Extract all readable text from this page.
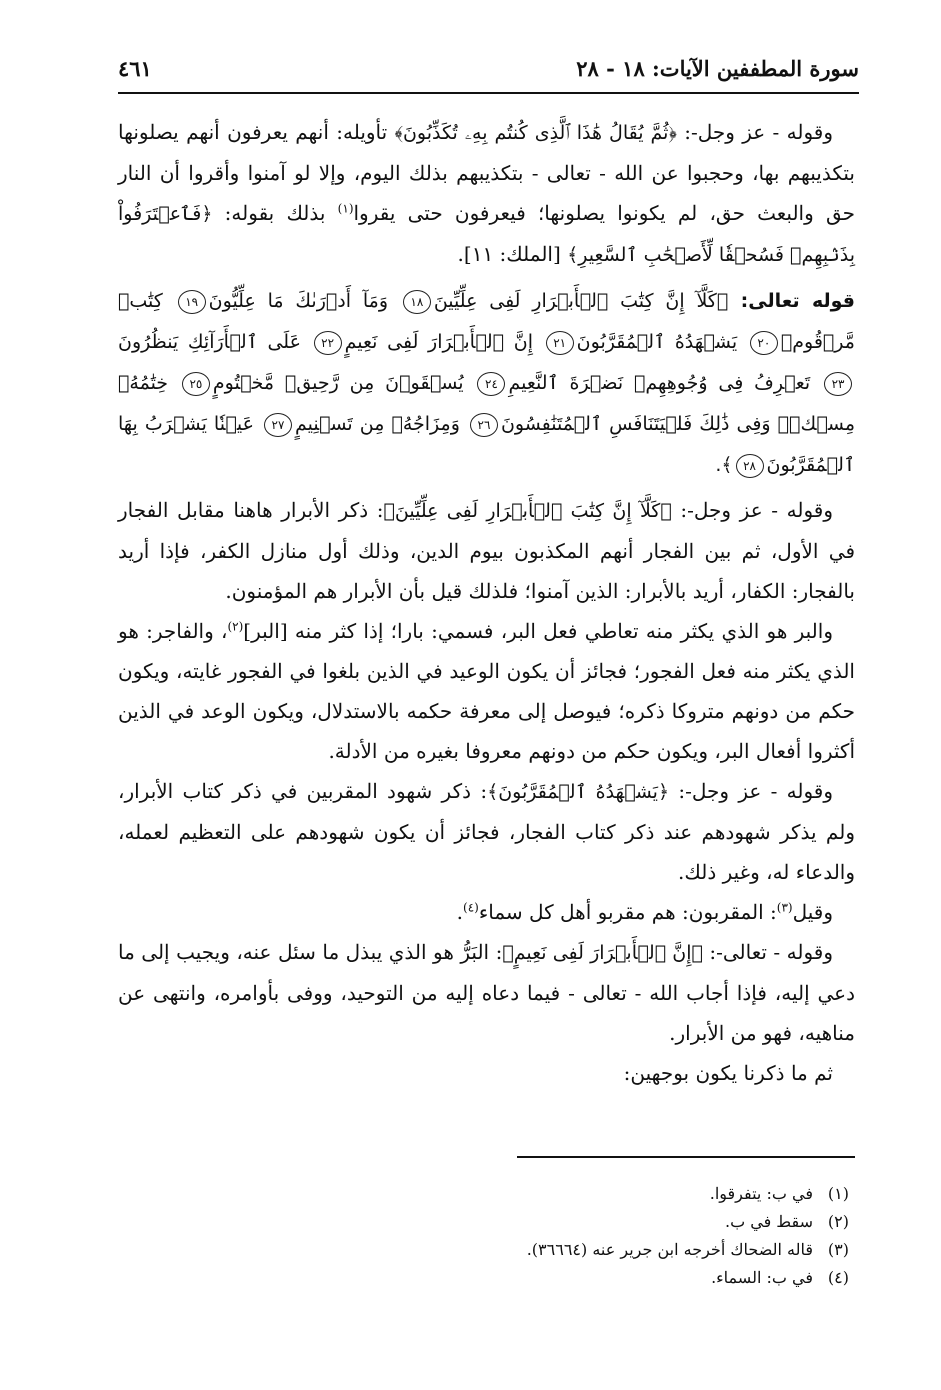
سورة المطففين الآيات: ١٨ - ٢٨
٤٦١

وقوله - عز وجل-: ﴿ثُمَّ يُقَالُ هَٰذَا ٱلَّذِى كُنتُم بِهِۦ تُكَذِّبُونَ﴾ تأويله: أنهم يعرفون أنهم يصلونها بتكذيبهم بها، وحجبوا عن الله - تعالى - بتكذيبهم بذلك اليوم، وإلا لو آمنوا وأقروا أن النار حق والبعث حق، لم يكونوا يصلونها؛ فيعرفون حتى يقروا$^{(١)}$ بذلك بقوله: ﴿فَٱعۡتَرَفُواْ بِذَنۢبِهِمۡ فَسُحۡقٗا لِّأَصۡحَٰبِ ٱلسَّعِيرِ﴾ [الملك: ١١].

قوله تعالى: ﴿كَلَّآ إِنَّ كِتَٰبَ ٱلۡأَبۡرَارِ لَفِى عِلِّيِّينَ١٨ وَمَآ أَدۡرَىٰكَ مَا عِلِّيُّونَ١٩ كِتَٰبٞ مَّرۡقُومٞ٢٠ يَشۡهَدُهُ ٱلۡمُقَرَّبُونَ٢١ إِنَّ ٱلۡأَبۡرَارَ لَفِى نَعِيمٍ٢٢ عَلَى ٱلۡأَرَآئِكِ يَنظُرُونَ٢٣ تَعۡرِفُ فِى وُجُوهِهِمۡ نَضۡرَةَ ٱلنَّعِيمِ٢٤ يُسۡقَوۡنَ مِن رَّحِيقٖ مَّخۡتُومٍ٢٥ خِتَٰمُهُۥ مِسۡكٞۚ وَفِى ذَٰلِكَ فَلۡيَتَنَافَسِ ٱلۡمُتَنَٰفِسُونَ٢٦ وَمِزَاجُهُۥ مِن تَسۡنِيمٍ٢٧ عَيۡنٗا يَشۡرَبُ بِهَا ٱلۡمُقَرَّبُونَ٢٨﴾.

وقوله - عز وجل-: ﴿كَلَّآ إِنَّ كِتَٰبَ ٱلۡأَبۡرَارِ لَفِى عِلِّيِّينَ﴾: ذكر الأبرار هاهنا مقابل الفجار في الأول، ثم بين الفجار أنهم المكذبون بيوم الدين، وذلك أول منازل الكفر، فإذا أريد بالفجار: الكفار، أريد بالأبرار: الذين آمنوا؛ فلذلك قيل بأن الأبرار هم المؤمنون.

والبر هو الذي يكثر منه تعاطي فعل البر، فسمي: بارا؛ إذا كثر منه [البر]$^{(٢)}$، والفاجر: هو الذي يكثر منه فعل الفجور؛ فجائز أن يكون الوعيد في الذين بلغوا في الفجور غايته، ويكون حكم من دونهم متروكا ذكره؛ فيوصل إلى معرفة حكمه بالاستدلال، ويكون الوعد في الذين أكثروا أفعال البر، ويكون حكم من دونهم معروفا بغيره من الأدلة.

وقوله - عز وجل-: ﴿يَشۡهَدُهُ ٱلۡمُقَرَّبُونَ﴾: ذكر شهود المقربين في ذكر كتاب الأبرار، ولم يذكر شهودهم عند ذكر كتاب الفجار، فجائز أن يكون شهودهم على التعظيم لعمله، والدعاء له، وغير ذلك.

وقيل$^{(٣)}$: المقربون: هم مقربو أهل كل سماء$^{(٤)}$.

وقوله - تعالى-: ﴿إِنَّ ٱلۡأَبۡرَارَ لَفِى نَعِيمٍ﴾: البَرُّ هو الذي يبذل ما سئل عنه، ويجيب إلى ما دعي إليه، فإذا أجاب الله - تعالى - فيما دعاه إليه من التوحيد، ووفى بأوامره، وانتهى عن مناهيه، فهو من الأبرار.

ثم ما ذكرنا يكون بوجهين:

(١)في ب: يتفرقوا.
(٢)سقط في ب.
(٣)قاله الضحاك أخرجه ابن جرير عنه (٣٦٦٦٤).
(٤)في ب: السماء.
